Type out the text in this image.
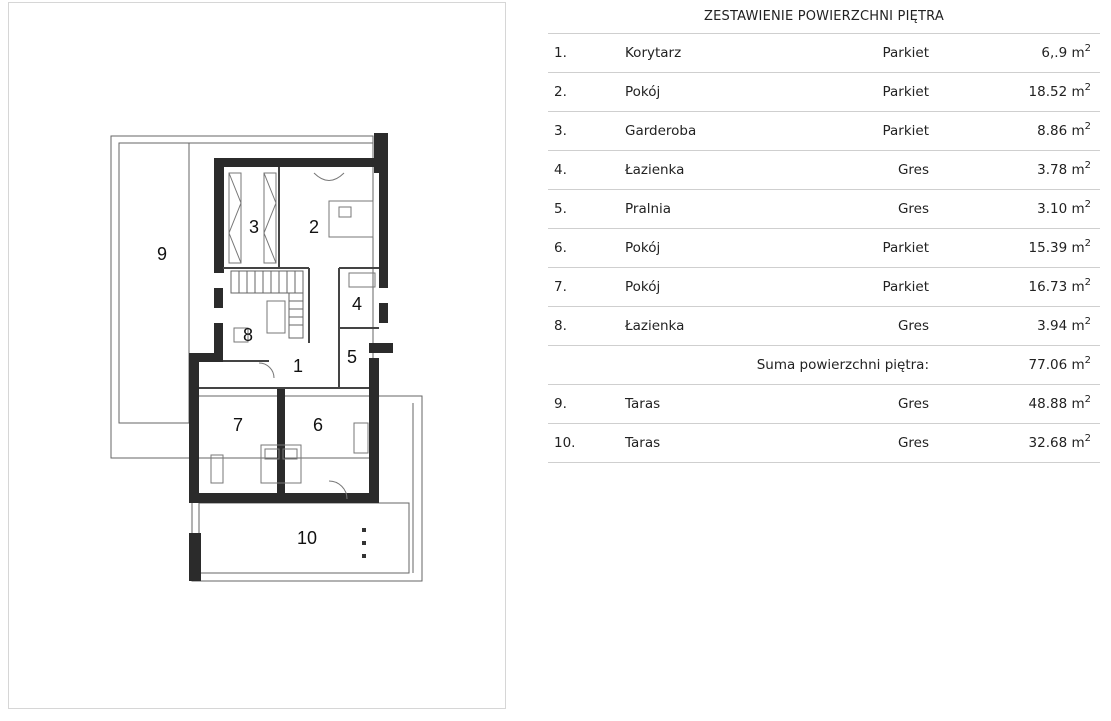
1
2
3
4
5
6
7
8
9
10
ZESTAWIENIE POWIERZCHNI PIĘTRA
1.	Korytarz	Parkiet	6,.9 $m^2$
2.	Pokój	Parkiet	18.52 $m^2$
3.	Garderoba	Parkiet	8.86 $m^2$
4.	Łazienka	Gres	3.78 $m^2$
5.	Pralnia	Gres	3.10 $m^2$
6.	Pokój	Parkiet	15.39 $m^2$
7.	Pokój	Parkiet	16.73 $m^2$
8.	Łazienka	Gres	3.94 $m^2$
Suma powierzchni piętra:	77.06 $m^2$
9.	Taras	Gres	48.88 $m^2$
10.	Taras	Gres	32.68 $m^2$
